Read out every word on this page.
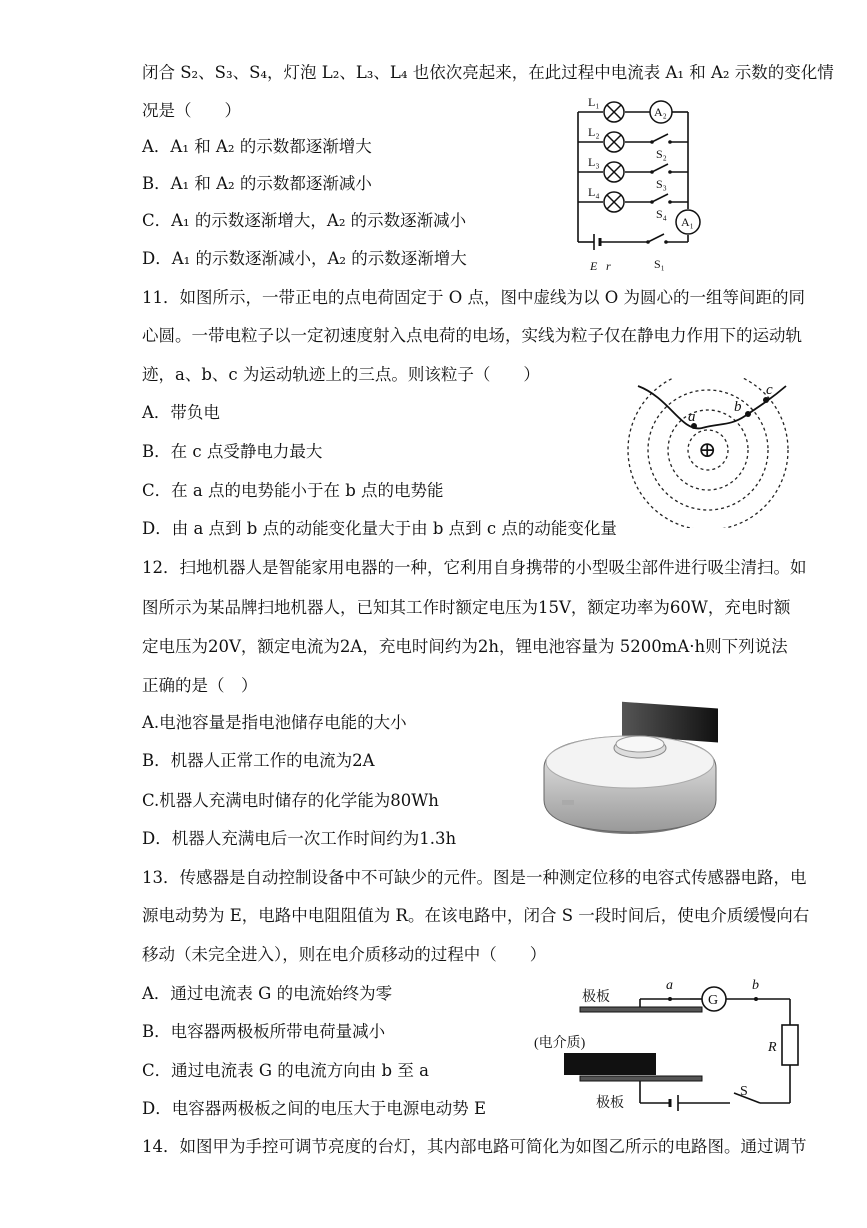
闭合 S₂、S₃、S₄，灯泡 L₂、L₃、L₄ 也依次亮起来，在此过程中电流表 A₁ 和 A₂ 示数的变化情
况是（　　）
A．A₁ 和 A₂ 的示数都逐渐增大
B．A₁ 和 A₂ 的示数都逐渐减小
C．A₁ 的示数逐渐增大，A₂ 的示数逐渐减小
D．A₁ 的示数逐渐减小，A₂ 的示数逐渐增大
A₂
A₁
L₁
L₂
L₃
L₄
S₂
S₃
S₄
S₁
E r
11．如图所示，一带正电的点电荷固定于 O 点，图中虚线为以 O 为圆心的一组等间距的同
心圆。一带电粒子以一定初速度射入点电荷的电场，实线为粒子仅在静电力作用下的运动轨
迹，a、b、c 为运动轨迹上的三点。则该粒子（　　）
A．带负电
B．在 c 点受静电力最大
C．在 a 点的电势能小于在 b 点的电势能
D．由 a 点到 b 点的动能变化量大于由 b 点到 c 点的动能变化量
a
b
c
⊕
12．扫地机器人是智能家用电器的一种，它利用自身携带的小型吸尘部件进行吸尘清扫。如
图所示为某品牌扫地机器人，已知其工作时额定电压为15V，额定功率为60W，充电时额
定电压为20V，额定电流为2A，充电时间约为2h，锂电池容量为 5200mA·h则下列说法
正确的是（　）
A.电池容量是指电池储存电能的大小
B．机器人正常工作的电流为2A
C.机器人充满电时储存的化学能为80Wh
D．机器人充满电后一次工作时间约为1.3h
13．传感器是自动控制设备中不可缺少的元件。图是一种测定位移的电容式传感器电路，电
源电动势为 E，电路中电阻阻值为 R。在该电路中，闭合 S 一段时间后，使电介质缓慢向右
移动（未完全进入），则在电介质移动的过程中（　　）
A．通过电流表 G 的电流始终为零
B．电容器两极板所带电荷量减小
C．通过电流表 G 的电流方向由 b 至 a
D．电容器两极板之间的电压大于电源电动势 E
极板
极板
(电介质)
G
a	b
R
S
14．如图甲为手控可调节亮度的台灯，其内部电路可简化为如图乙所示的电路图。通过调节
